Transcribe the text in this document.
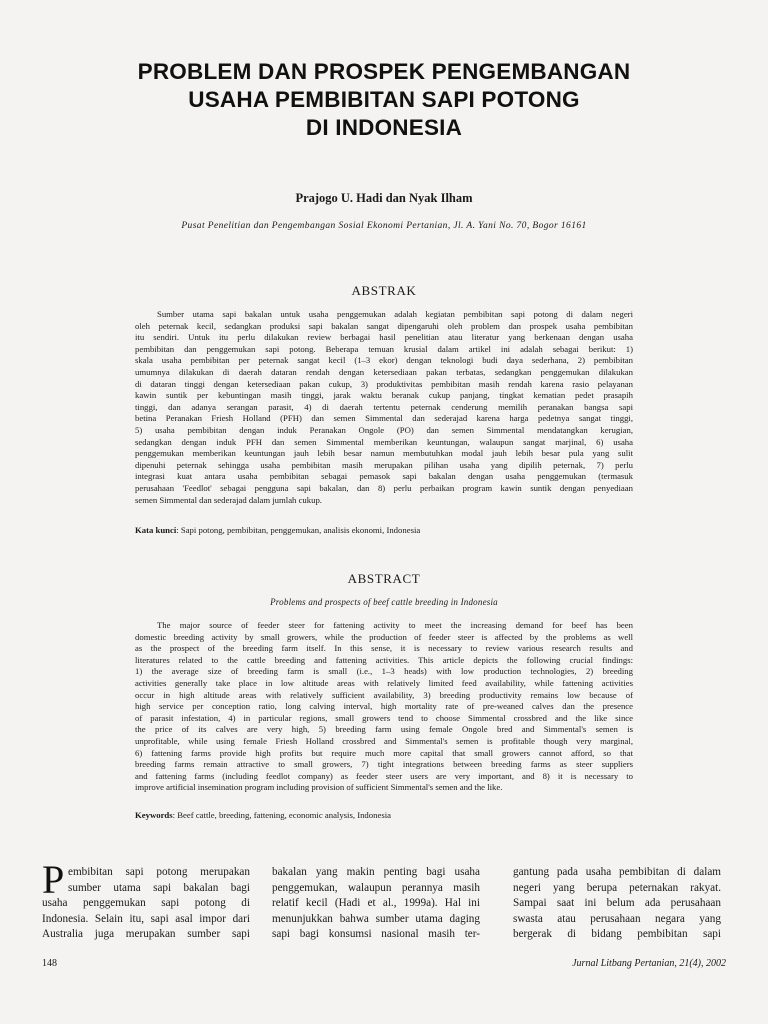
PROBLEM DAN PROSPEK PENGEMBANGAN
USAHA PEMBIBITAN SAPI POTONG
DI INDONESIA
Prajogo U. Hadi dan Nyak Ilham
Pusat Penelitian dan Pengembangan Sosial Ekonomi Pertanian, Jl. A. Yani No. 70, Bogor 16161
ABSTRAK
Sumber utama sapi bakalan untuk usaha penggemukan adalah kegiatan pembibitan sapi potong di dalam negeri
oleh peternak kecil, sedangkan produksi sapi bakalan sangat dipengaruhi oleh problem dan prospek usaha pembibitan
itu sendiri. Untuk itu perlu dilakukan review berbagai hasil penelitian atau literatur yang berkenaan dengan usaha
pembibitan dan penggemukan sapi potong. Beberapa temuan krusial dalam artikel ini adalah sebagai berikut: 1)
skala usaha pembibitan per peternak sangat kecil (1–3 ekor) dengan teknologi budi daya sederhana, 2) pembibitan
umumnya dilakukan di daerah dataran rendah dengan ketersediaan pakan terbatas, sedangkan penggemukan dilakukan
di dataran tinggi dengan ketersediaan pakan cukup, 3) produktivitas pembibitan masih rendah karena rasio pelayanan
kawin suntik per kebuntingan masih tinggi, jarak waktu beranak cukup panjang, tingkat kematian pedet prasapih
tinggi, dan adanya serangan parasit, 4) di daerah tertentu peternak cenderung memilih peranakan bangsa sapi
betina Peranakan Friesh Holland (PFH) dan semen Simmental dan sederajad karena harga pedetnya sangat tinggi,
5) usaha pembibitan dengan induk Peranakan Ongole (PO) dan semen Simmental mendatangkan kerugian,
sedangkan dengan induk PFH dan semen Simmental memberikan keuntungan, walaupun sangat marjinal, 6) usaha
penggemukan memberikan keuntungan jauh lebih besar namun membutuhkan modal jauh lebih besar pula yang sulit
dipenuhi peternak sehingga usaha pembibitan masih merupakan pilihan usaha yang dipilih peternak, 7) perlu
integrasi kuat antara usaha pembibitan sebagai pemasok sapi bakalan dengan usaha penggemukan (termasuk
perusahaan 'Feedlot' sebagai pengguna sapi bakalan, dan 8) perlu perbaikan program kawin suntik dengan penyediaan
semen Simmental dan sederajad dalam jumlah cukup.
Kata kunci: Sapi potong, pembibitan, penggemukan, analisis ekonomi, Indonesia
ABSTRACT
Problems and prospects of beef cattle breeding in Indonesia
The major source of feeder steer for fattening activity to meet the increasing demand for beef has been
domestic breeding activity by small growers, while the production of feeder steer is affected by the problems as well
as the prospect of the breeding farm itself. In this sense, it is necessary to review various research results and
literatures related to the cattle breeding and fattening activities. This article depicts the following crucial findings:
1) the average size of breeding farm is small (i.e., 1–3 heads) with low production technologies, 2) breeding
activities generally take place in low altitude areas with relatively limited feed availability, while fattening activities
occur in high altitude areas with relatively sufficient availability, 3) breeding productivity remains low because of
high service per conception ratio, long calving interval, high mortality rate of pre-weaned calves dan the presence
of parasit infestation, 4) in particular regions, small growers tend to choose Simmental crossbred and the like since
the price of its calves are very high, 5) breeding farm using female Ongole bred and Simmental's semen is
unprofitable, while using female Friesh Holland crossbred and Simmental's semen is profitable though very marginal,
6) fattening farms provide high profits but require much more capital that small growers cannot afford, so that
breeding farms remain attractive to small growers, 7) tight integrations between breeding farms as steer suppliers
and fattening farms (including feedlot company) as feeder steer users are very important, and 8) it is necessary to
improve artificial insemination program including provision of sufficient Simmental's semen and the like.
Keywords: Beef cattle, breeding, fattening, economic analysis, Indonesia
P embibitan sapi potong merupakan
sumber utama sapi bakalan bagi
usaha penggemukan sapi potong di
Indonesia. Selain itu, sapi asal impor dari
Australia juga merupakan sumber sapi
bakalan yang makin penting bagi usaha
penggemukan, walaupun perannya masih
relatif kecil (Hadi et al., 1999a). Hal ini
menunjukkan bahwa sumber utama daging
sapi bagi konsumsi nasional masih ter-
gantung pada usaha pembibitan di dalam
negeri yang berupa peternakan rakyat.
Sampai saat ini belum ada perusahaan
swasta atau perusahaan negara yang
bergerak di bidang pembibitan sapi
148	Jurnal Litbang Pertanian, 21(4), 2002
